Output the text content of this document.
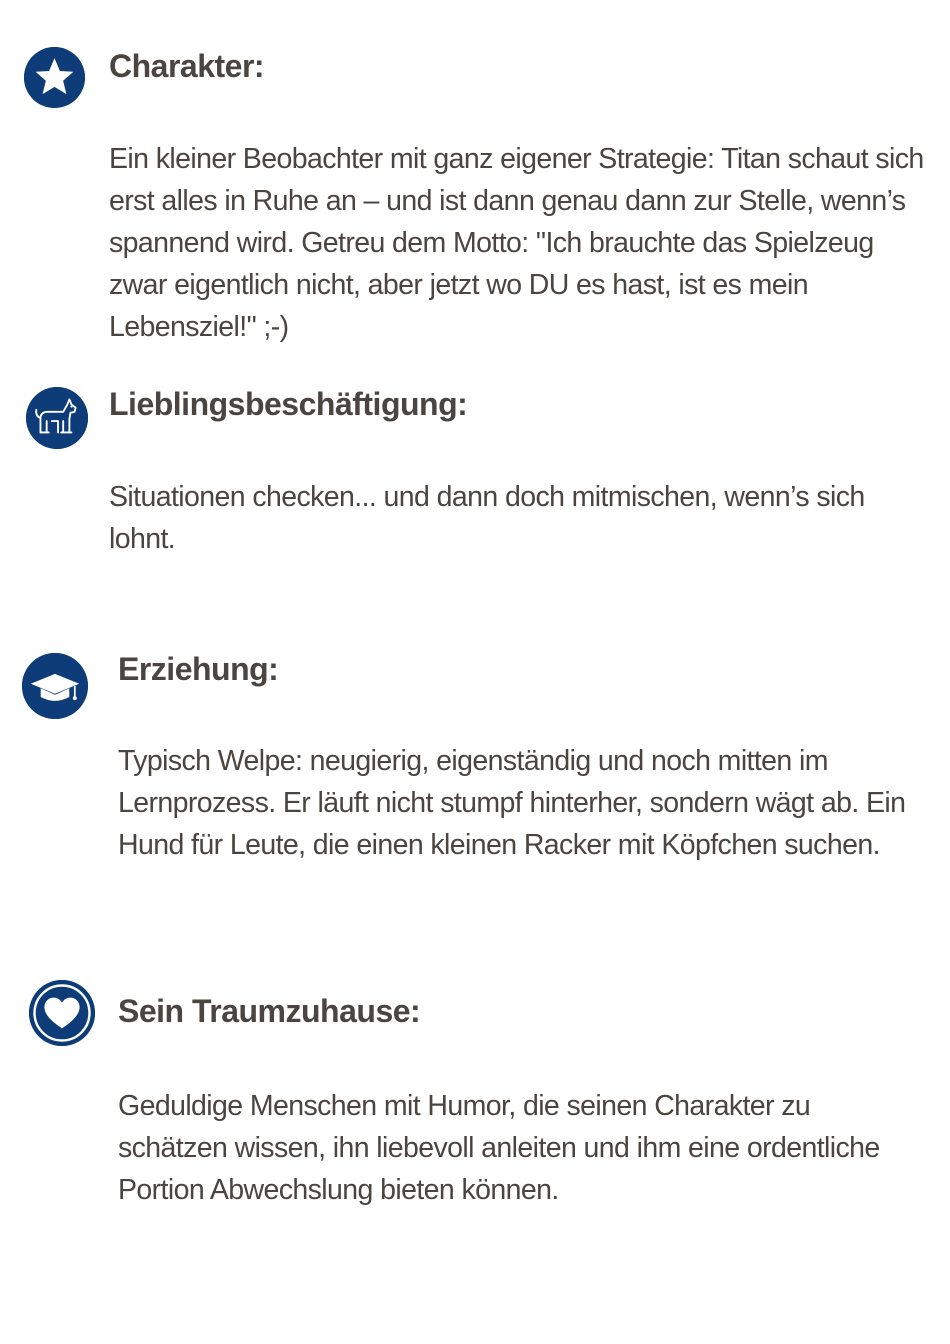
Charakter:

Ein kleiner Beobachter mit ganz eigener Strategie: Titan schaut sich erst alles in Ruhe an – und ist dann genau dann zur Stelle, wenn’s spannend wird. Getreu dem Motto: "Ich brauchte das Spielzeug zwar eigentlich nicht, aber jetzt wo DU es hast, ist es mein Lebensziel!" ;-)

Lieblingsbeschäftigung:

Situationen checken... und dann doch mitmischen, wenn’s sich lohnt.

Erziehung:

Typisch Welpe: neugierig, eigenständig und noch mitten im Lernprozess. Er läuft nicht stumpf hinterher, sondern wägt ab. Ein Hund für Leute, die einen kleinen Racker mit Köpfchen suchen.

Sein Traumzuhause:

Geduldige Menschen mit Humor, die seinen Charakter zu schätzen wissen, ihn liebevoll anleiten und ihm eine ordentliche Portion Abwechslung bieten können.
